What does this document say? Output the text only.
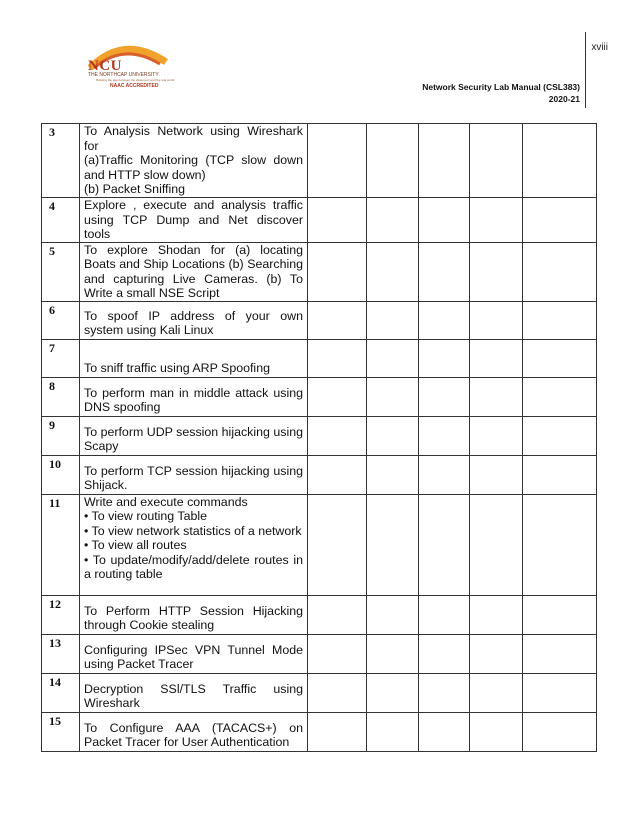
NCU
THE NORTHCAP UNIVERSITY
Bridging the gap between the classroom and the real world
NAAC ACCREDITED
xviii
Network Security Lab Manual (CSL383)
2020-21
3	To Analysis Network using Wireshark for
(a)Traffic Monitoring (TCP slow down and HTTP slow down)
(b) Packet Sniffing					

4	Explore , execute and analysis traffic using TCP Dump and Net discover tools					

5	To explore Shodan for (a) locating Boats and Ship Locations (b) Searching and capturing Live Cameras. (b) To Write a small NSE Script					

6	To spoof IP address of your own system using Kali Linux					

7	To sniff traffic using ARP Spoofing					

8	To perform man in middle attack using DNS spoofing					

9	To perform UDP session hijacking using Scapy					

10	To perform TCP session hijacking using Shijack.					

11	Write and execute commands
• To view routing Table
• To view network statistics of a network
• To view all routes
• To update/modify/add/delete routes in a routing table					

12	To Perform HTTP Session Hijacking through Cookie stealing					

13	Configuring IPSec VPN Tunnel Mode using Packet Tracer					

14	Decryption SSl/TLS Traffic using Wireshark					

15	To Configure AAA (TACACS+) on Packet Tracer for User Authentication					
